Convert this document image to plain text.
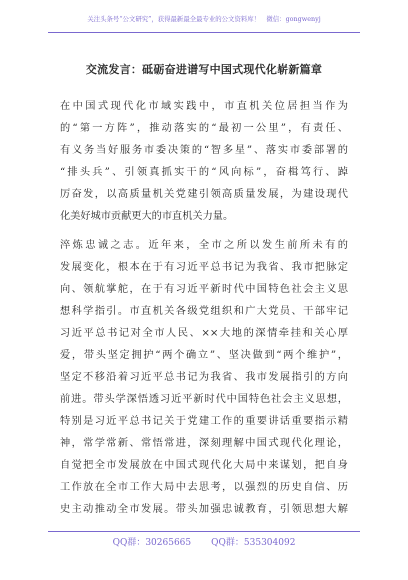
关注头条号“公文研究”，获得最新最全最专业的公文资料库！  微信：gongwenyj
交流发言：砥砺奋进谱写中国式现代化崭新篇章
在中国式现代化市域实践中，市直机关位居担当作为
的“第一方阵”，推动落实的“最初一公里”，有责任、
有义务当好服务市委决策的“智多星”、落实市委部署的
“排头兵”、引领真抓实干的“风向标”，奋楫笃行、踔
厉奋发，以高质量机关党建引领高质量发展，为建设现代
化美好城市贡献更大的市直机关力量。
淬炼忠诚之志。近年来，全市之所以发生前所未有的
发展变化，根本在于有习近平总书记为我省、我市把脉定
向、领航掌舵，在于有习近平新时代中国特色社会主义思
想科学指引。市直机关各级党组织和广大党员、干部牢记
习近平总书记对全市人民、××大地的深情牵挂和关心厚
爱，带头坚定拥护“两个确立”、坚决做到“两个维护”，
坚定不移沿着习近平总书记为我省、我市发展指引的方向
前进。带头学深悟透习近平新时代中国特色社会主义思想，
特别是习近平总书记关于党建工作的重要讲话重要指示精
神，常学常新、常悟常进，深刻理解中国式现代化理论，
自觉把全市发展放在中国式现代化大局中来谋划，把自身
工作放在全市工作大局中去思考，以强烈的历史自信、历
史主动推动全市发展。带头加强忠诚教育，引领思想大解
QQ群：30265665 QQ群：535304092
